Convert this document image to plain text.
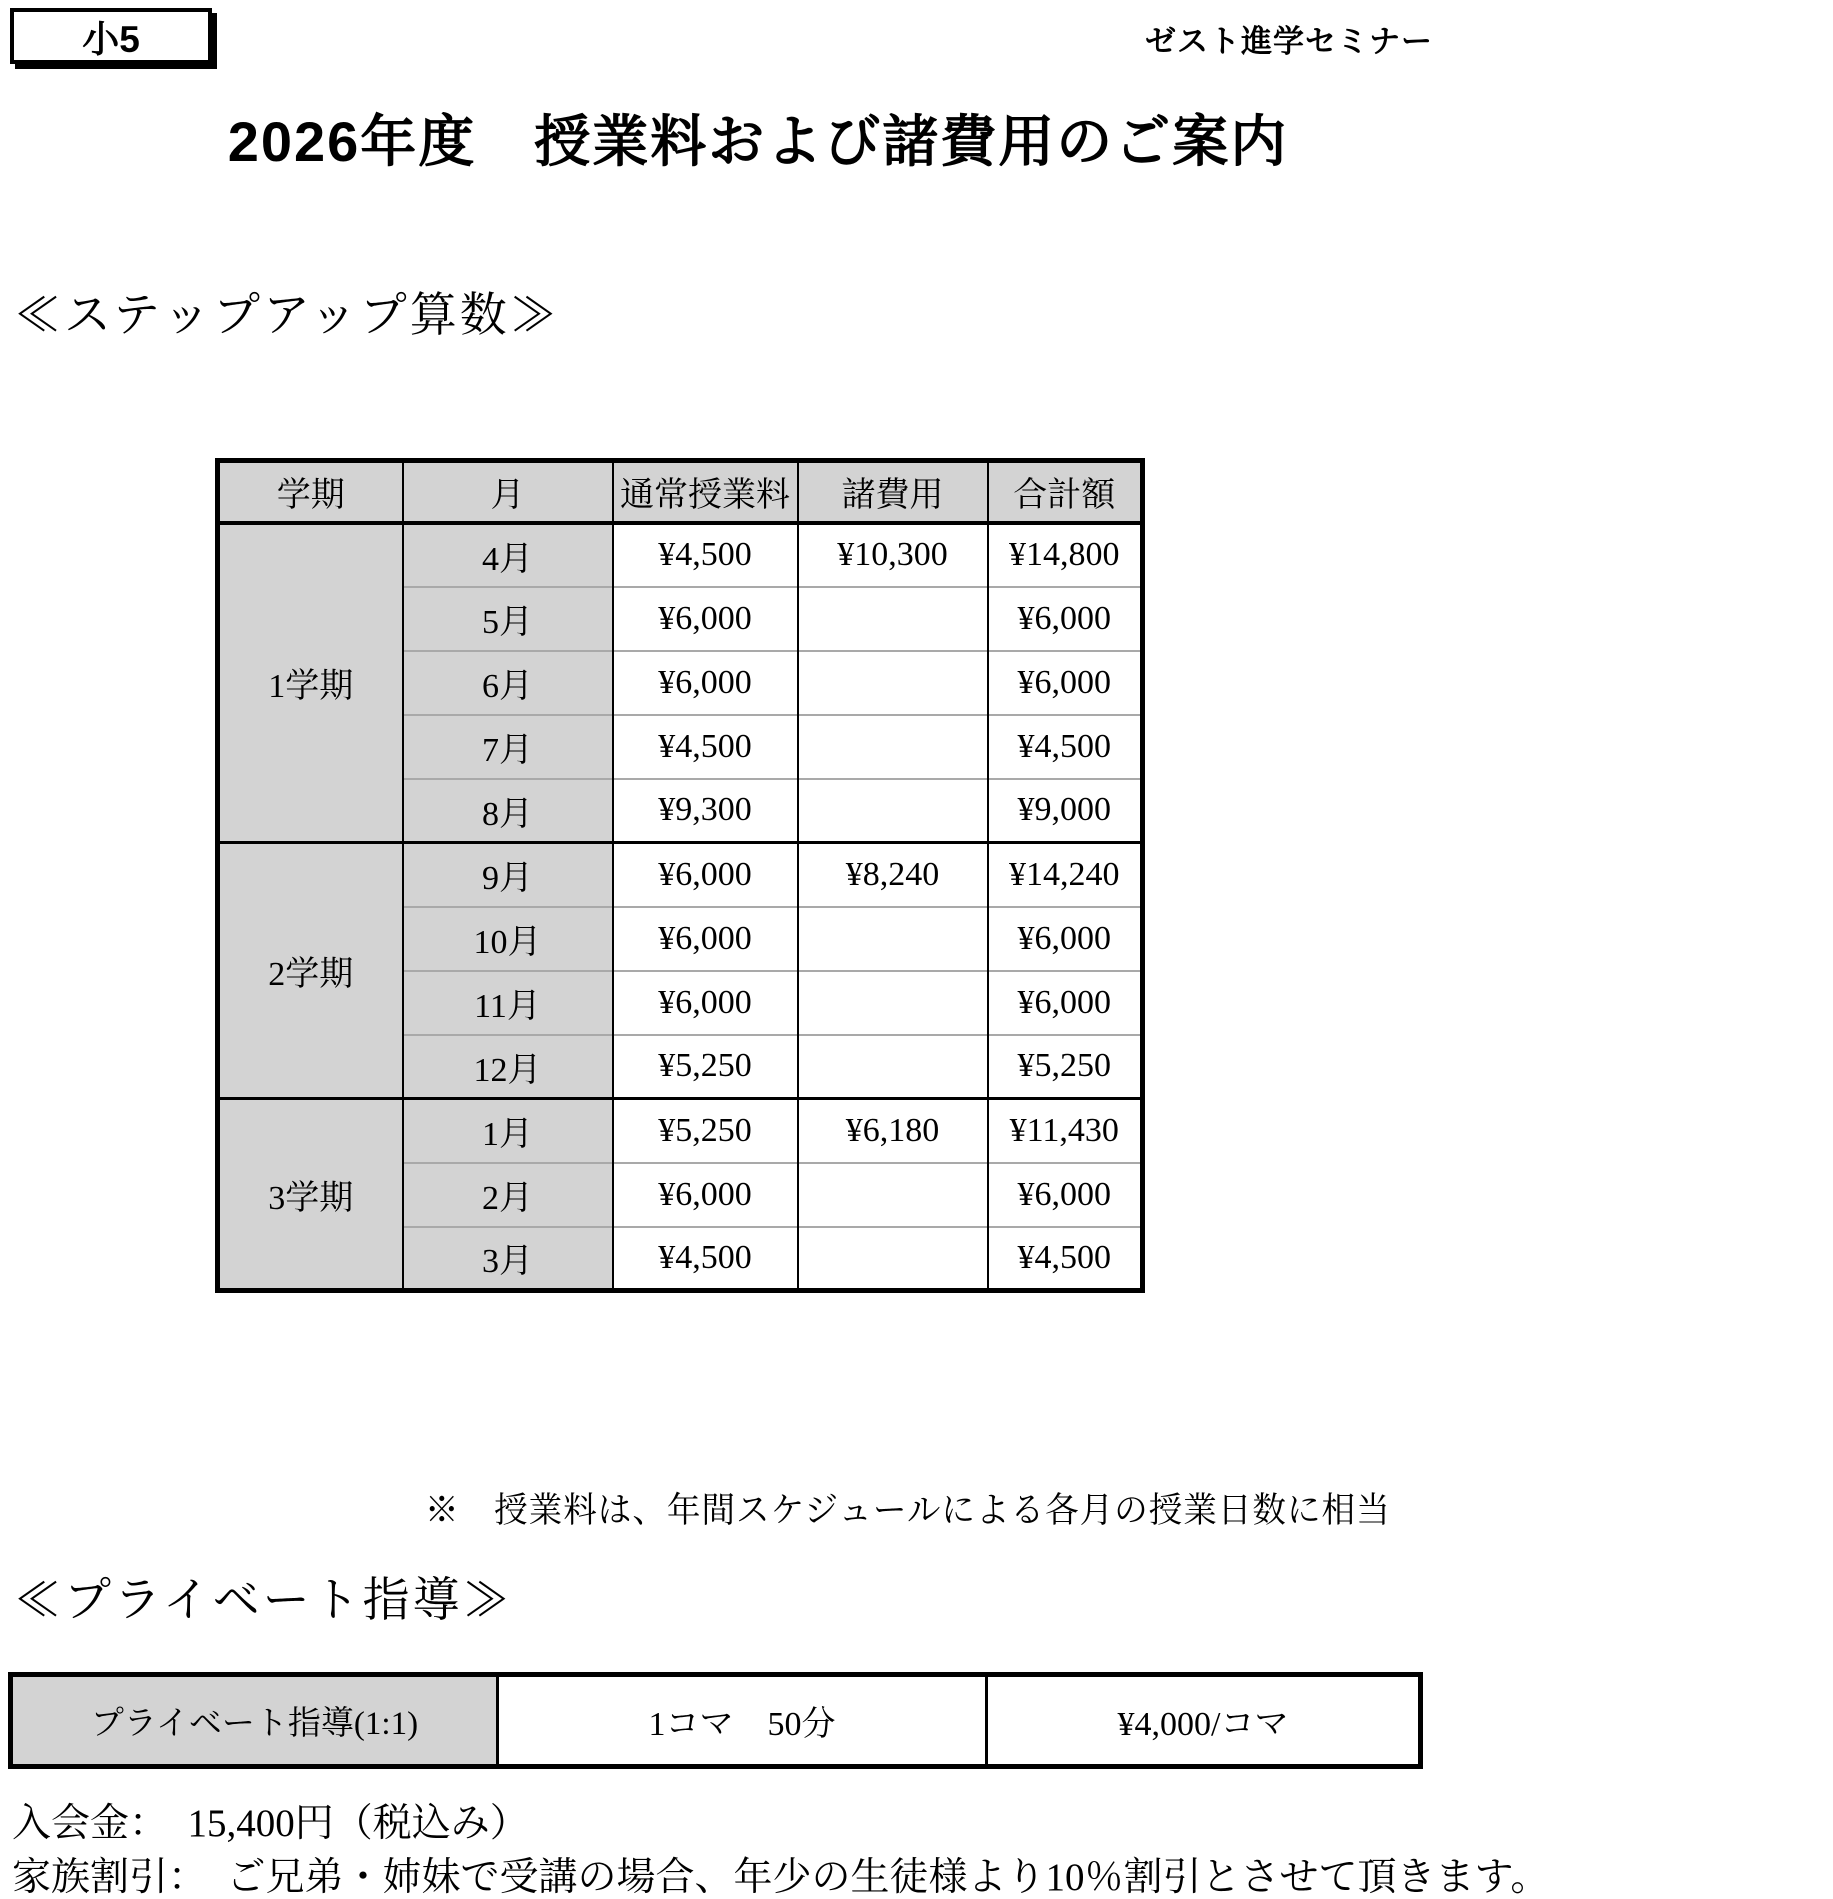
小5	ゼスト進学セミナー
2026年度　授業料および諸費用のご案内
≪ステップアップ算数≫
学期	月	通常授業料	諸費用	合計額
1学期	4月	¥4,500	¥10,300	¥14,800
	5月	¥6,000		¥6,000
	6月	¥6,000		¥6,000
	7月	¥4,500		¥4,500
	8月	¥9,300		¥9,000
2学期	9月	¥6,000	¥8,240	¥14,240
	10月	¥6,000		¥6,000
	11月	¥6,000		¥6,000
	12月	¥5,250		¥5,250
3学期	1月	¥5,250	¥6,180	¥11,430
	2月	¥6,000		¥6,000
	3月	¥4,500		¥4,500
※　授業料は、年間スケジュールによる各月の授業日数に相当
≪プライベート指導≫
プライベート指導(1:1)	1コマ　50分	¥4,000/コマ
入会金：　15,400円（税込み）
家族割引：　ご兄弟・姉妹で受講の場合、年少の生徒様より10％割引とさせて頂きます。
